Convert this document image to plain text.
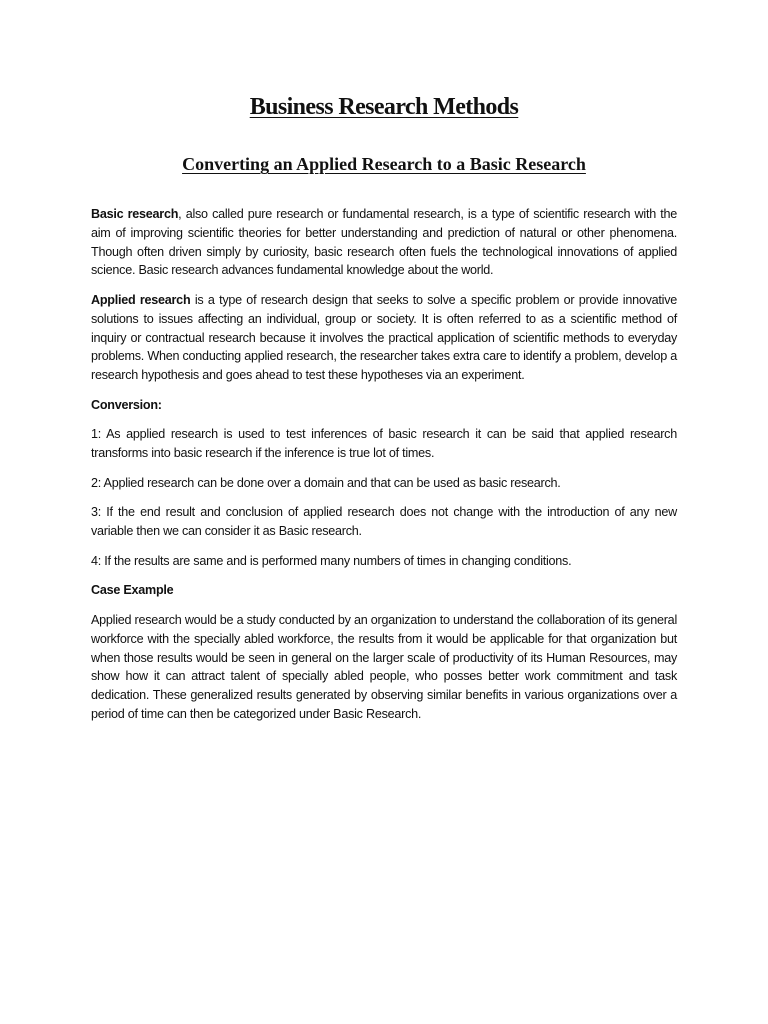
Business Research Methods
Converting an Applied Research to a Basic Research

Basic research, also called pure research or fundamental research, is a type of scientific research with the aim of improving scientific theories for better understanding and prediction of natural or other phenomena. Though often driven simply by curiosity, basic research often fuels the technological innovations of applied science. Basic research advances fundamental knowledge about the world.

Applied research is a type of research design that seeks to solve a specific problem or provide innovative solutions to issues affecting an individual, group or society. It is often referred to as a scientific method of inquiry or contractual research because it involves the practical application of scientific methods to everyday problems. When conducting applied research, the researcher takes extra care to identify a problem, develop a research hypothesis and goes ahead to test these hypotheses via an experiment.

Conversion:

1: As applied research is used to test inferences of basic research it can be said that applied research transforms into basic research if the inference is true lot of times.

2: Applied research can be done over a domain and that can be used as basic research.

3: If the end result and conclusion of applied research does not change with the introduction of any new variable then we can consider it as Basic research.

4: If the results are same and is performed many numbers of times in changing conditions.

Case Example

Applied research would be a study conducted by an organization to understand the collaboration of its general workforce with the specially abled workforce, the results from it would be applicable for that organization but when those results would be seen in general on the larger scale of productivity of its Human Resources, may show how it can attract talent of specially abled people, who posses better work commitment and task dedication. These generalized results generated by observing similar benefits in various organizations over a period of time can then be categorized under Basic Research.
